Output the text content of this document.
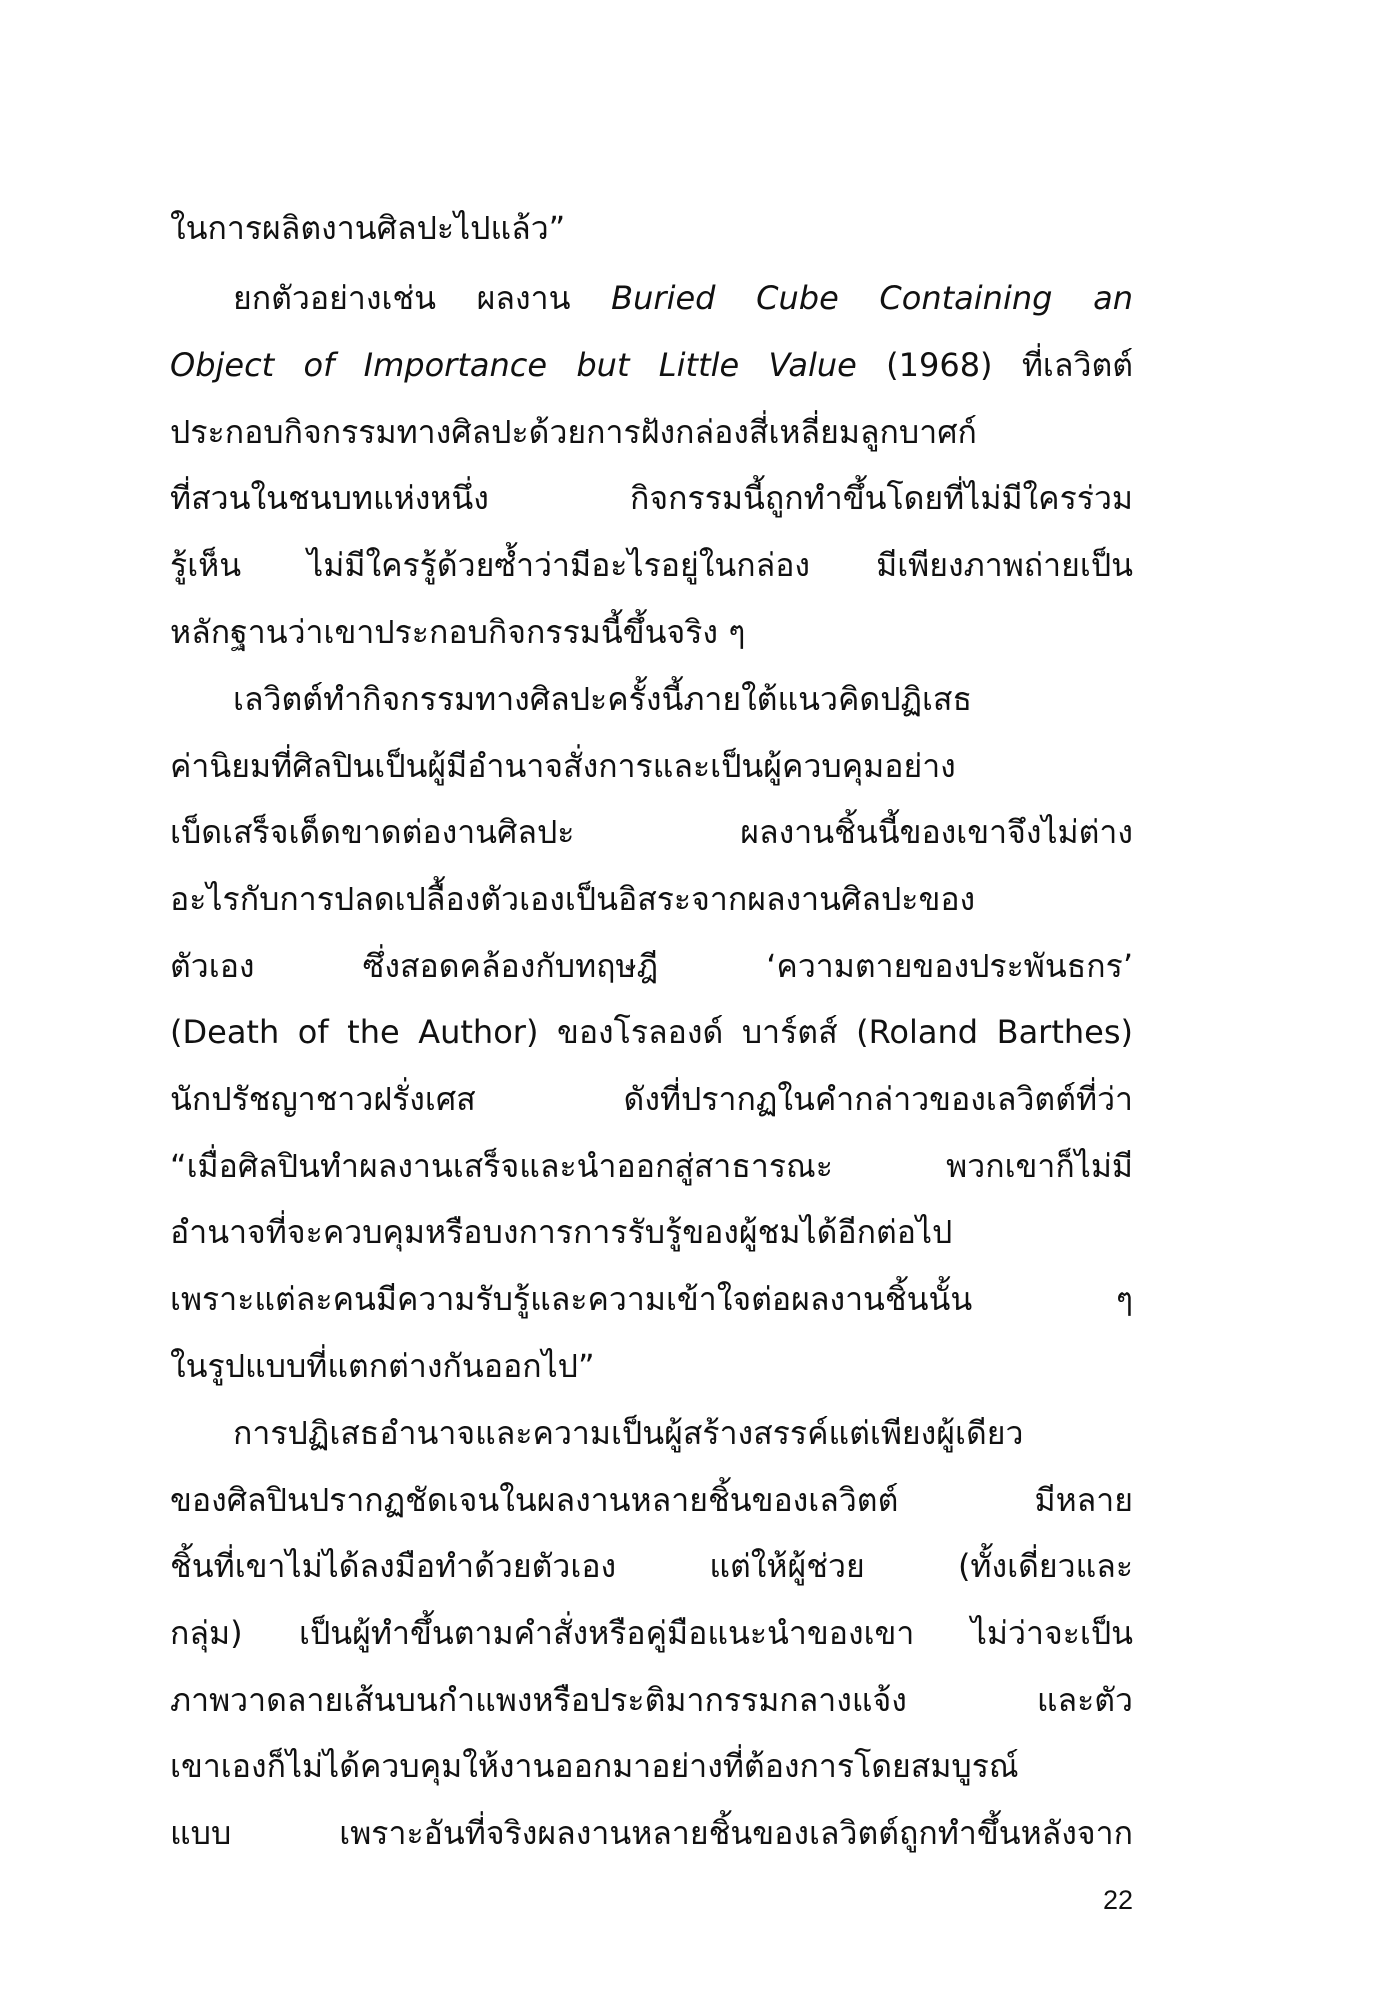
ในการผลิตงานศิลปะไปแล้ว”
ยกตัวอย่างเช่น ผลงาน Buried Cube Containing an
Object of Importance but Little Value (1968) ที่เลวิตต์
ประกอบกิจกรรมทางศิลปะด้วยการฝังกล่องสี่เหลี่ยมลูกบาศก์
ที่สวนในชนบทแห่งหนึ่ง กิจกรรมนี้ถูกทำขึ้นโดยที่ไม่มีใครร่วม
รู้เห็น ไม่มีใครรู้ด้วยซ้ำว่ามีอะไรอยู่ในกล่อง มีเพียงภาพถ่ายเป็น
หลักฐานว่าเขาประกอบกิจกรรมนี้ขึ้นจริง ๆ
เลวิตต์ทำกิจกรรมทางศิลปะครั้งนี้ภายใต้แนวคิดปฏิเสธ
ค่านิยมที่ศิลปินเป็นผู้มีอำนาจสั่งการและเป็นผู้ควบคุมอย่าง
เบ็ดเสร็จเด็ดขาดต่องานศิลปะ ผลงานชิ้นนี้ของเขาจึงไม่ต่าง
อะไรกับการปลดเปลื้องตัวเองเป็นอิสระจากผลงานศิลปะของ
ตัวเอง ซึ่งสอดคล้องกับทฤษฎี ‘ความตายของประพันธกร’
(Death of the Author) ของโรลองด์ บาร์ตส์ (Roland Barthes)
นักปรัชญาชาวฝรั่งเศส ดังที่ปรากฏในคำกล่าวของเลวิตต์ที่ว่า
“เมื่อศิลปินทำผลงานเสร็จและนำออกสู่สาธารณะ พวกเขาก็ไม่มี
อำนาจที่จะควบคุมหรือบงการการรับรู้ของผู้ชมได้อีกต่อไป
เพราะแต่ละคนมีความรับรู้และความเข้าใจต่อผลงานชิ้นนั้น ๆ
ในรูปแบบที่แตกต่างกันออกไป”
การปฏิเสธอำนาจและความเป็นผู้สร้างสรรค์แต่เพียงผู้เดียว
ของศิลปินปรากฏชัดเจนในผลงานหลายชิ้นของเลวิตต์ มีหลาย
ชิ้นที่เขาไม่ได้ลงมือทำด้วยตัวเอง แต่ให้ผู้ช่วย (ทั้งเดี่ยวและ
กลุ่ม) เป็นผู้ทำขึ้นตามคำสั่งหรือคู่มือแนะนำของเขา ไม่ว่าจะเป็น
ภาพวาดลายเส้นบนกำแพงหรือประติมากรรมกลางแจ้ง และตัว
เขาเองก็ไม่ได้ควบคุมให้งานออกมาอย่างที่ต้องการโดยสมบูรณ์
แบบ เพราะอันที่จริงผลงานหลายชิ้นของเลวิตต์ถูกทำขึ้นหลังจาก
22
